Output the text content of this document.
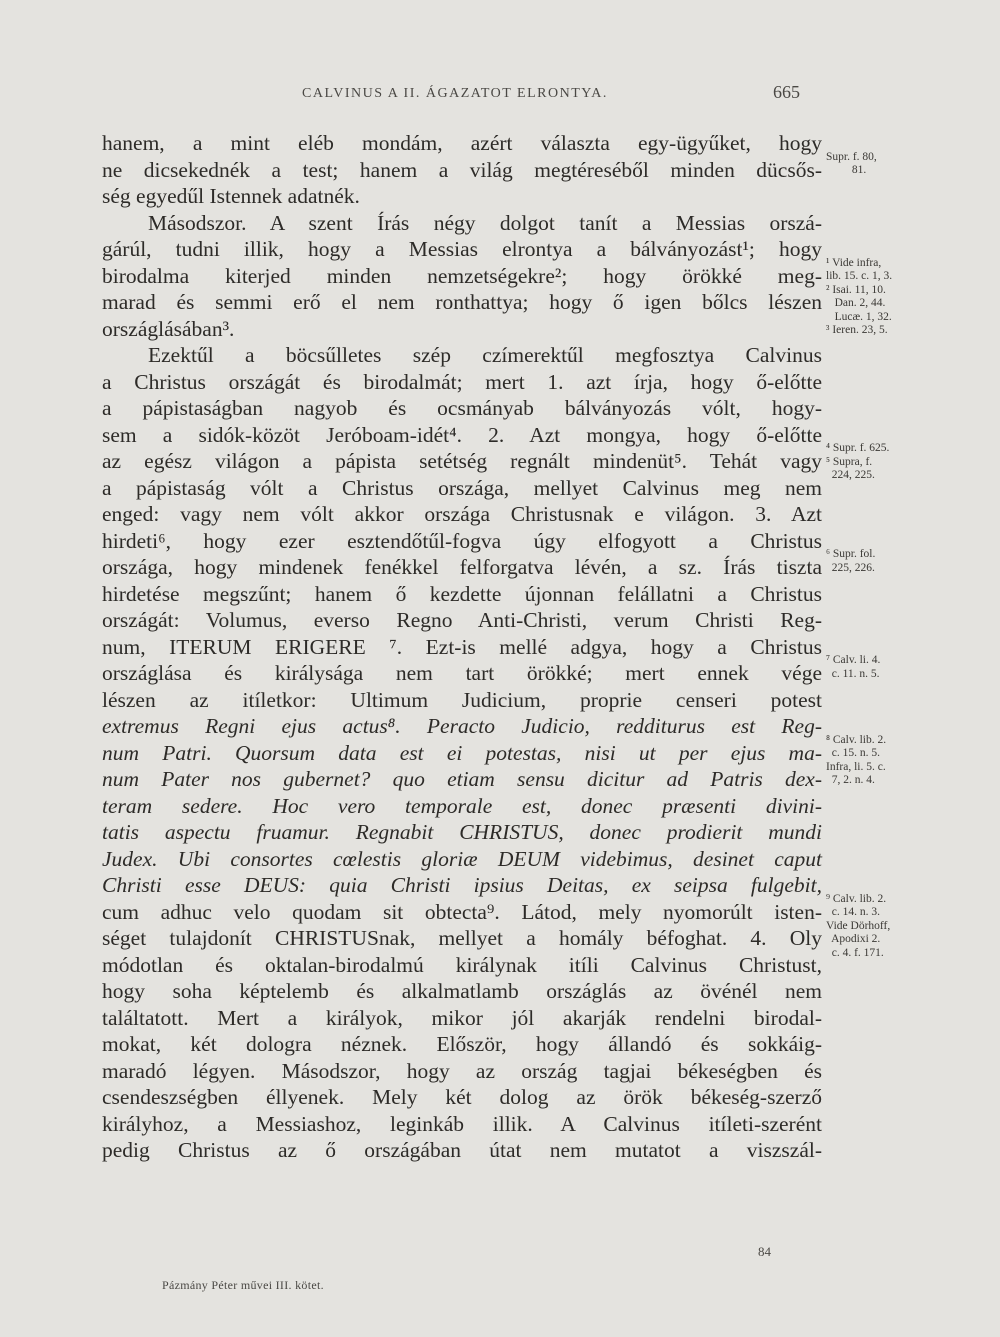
CALVINUS A II. ÁGAZATOT ELRONTYA.	665
hanem, a mint eléb mondám, azért választa egy-ügyűket, hogy
ne dicsekednék a test; hanem a világ megtéreséből minden dücsős-
ség egyedűl Istennek adatnék.
Másodszor. A szent Írás négy dolgot tanít a Messias orszá-
gárúl, tudni illik, hogy a Messias elrontya a bálványozást¹; hogy
birodalma kiterjed minden nemzetségekre²; hogy örökké meg-
marad és semmi erő el nem ronthattya; hogy ő igen bőlcs lészen
országlásában³.
Ezektűl a böcsűlletes szép czímerektűl megfosztya Calvinus
a Christus országát és birodalmát; mert 1. azt írja, hogy ő-előtte
a pápistaságban nagyob és ocsmányab bálványozás vólt, hogy-
sem a sidók-közöt Jeróboam-idét⁴. 2. Azt mongya, hogy ő-előtte
az egész világon a pápista setétség regnált mindenüt⁵. Tehát vagy
a pápistaság vólt a Christus országa, mellyet Calvinus meg nem
enged: vagy nem vólt akkor országa Christusnak e világon. 3. Azt
hirdeti⁶, hogy ezer esztendőtűl-fogva úgy elfogyott a Christus
országa, hogy mindenek fenékkel felforgatva lévén, a sz. Írás tiszta
hirdetése megszűnt; hanem ő kezdette újonnan felállatni a Christus
országát: Volumus, everso Regno Anti-Christi, verum Christi Reg-
num, ITERUM ERIGERE ⁷. Ezt-is mellé adgya, hogy a Christus
országlása és királysága nem tart örökké; mert ennek vége
lészen az itíletkor: Ultimum Judicium, proprie censeri potest
extremus Regni ejus actus⁸. Peracto Judicio, redditurus est Reg-
num Patri. Quorsum data est ei potestas, nisi ut per ejus ma-
num Pater nos gubernet? quo etiam sensu dicitur ad Patris dex-
teram sedere. Hoc vero temporale est, donec præsenti divini-
tatis aspectu fruamur. Regnabit CHRISTUS, donec prodierit mundi
Judex. Ubi consortes cœlestis gloriæ DEUM videbimus, desinet caput
Christi esse DEUS: quia Christi ipsius Deitas, ex seipsa fulgebit,
cum adhuc velo quodam sit obtecta⁹. Látod, mely nyomorúlt isten-
séget tulajdonít CHRISTUSnak, mellyet a homály béfoghat. 4. Oly
módotlan és oktalan-birodalmú királynak itíli Calvinus Christust,
hogy soha képtelemb és alkalmatlamb országlás az övénél nem
találtatott. Mert a királyok, mikor jól akarják rendelni birodal-
mokat, két dologra néznek. Először, hogy állandó és sokkáig-
maradó légyen. Másodszor, hogy az ország tagjai békeségben és
csendeszségben éllyenek. Mely két dolog az örök békeség-szerző
királyhoz, a Messiashoz, leginkáb illik. A Calvinus itíleti-szerént
pedig Christus az ő országában útat nem mutatot a viszszál-
Supr. f. 80,
81.
¹ Vide infra,
lib. 15. c. 1, 3.
² Isai. 11, 10.
Dan. 2, 44.
Lucæ. 1, 32.
³ Ieren. 23, 5.
⁴ Supr. f. 625.
⁵ Supra, f.
224, 225.
⁶ Supr. fol.
225, 226.
⁷ Calv. li. 4.
c. 11. n. 5.
⁸ Calv. lib. 2.
c. 15. n. 5.
Infra, li. 5. c.
7, 2. n. 4.
⁹ Calv. lib. 2.
c. 14. n. 3.
Vide Dörhoff,
Apodixi 2.
c. 4. f. 171.
84
Pázmány Péter művei III. kötet.
